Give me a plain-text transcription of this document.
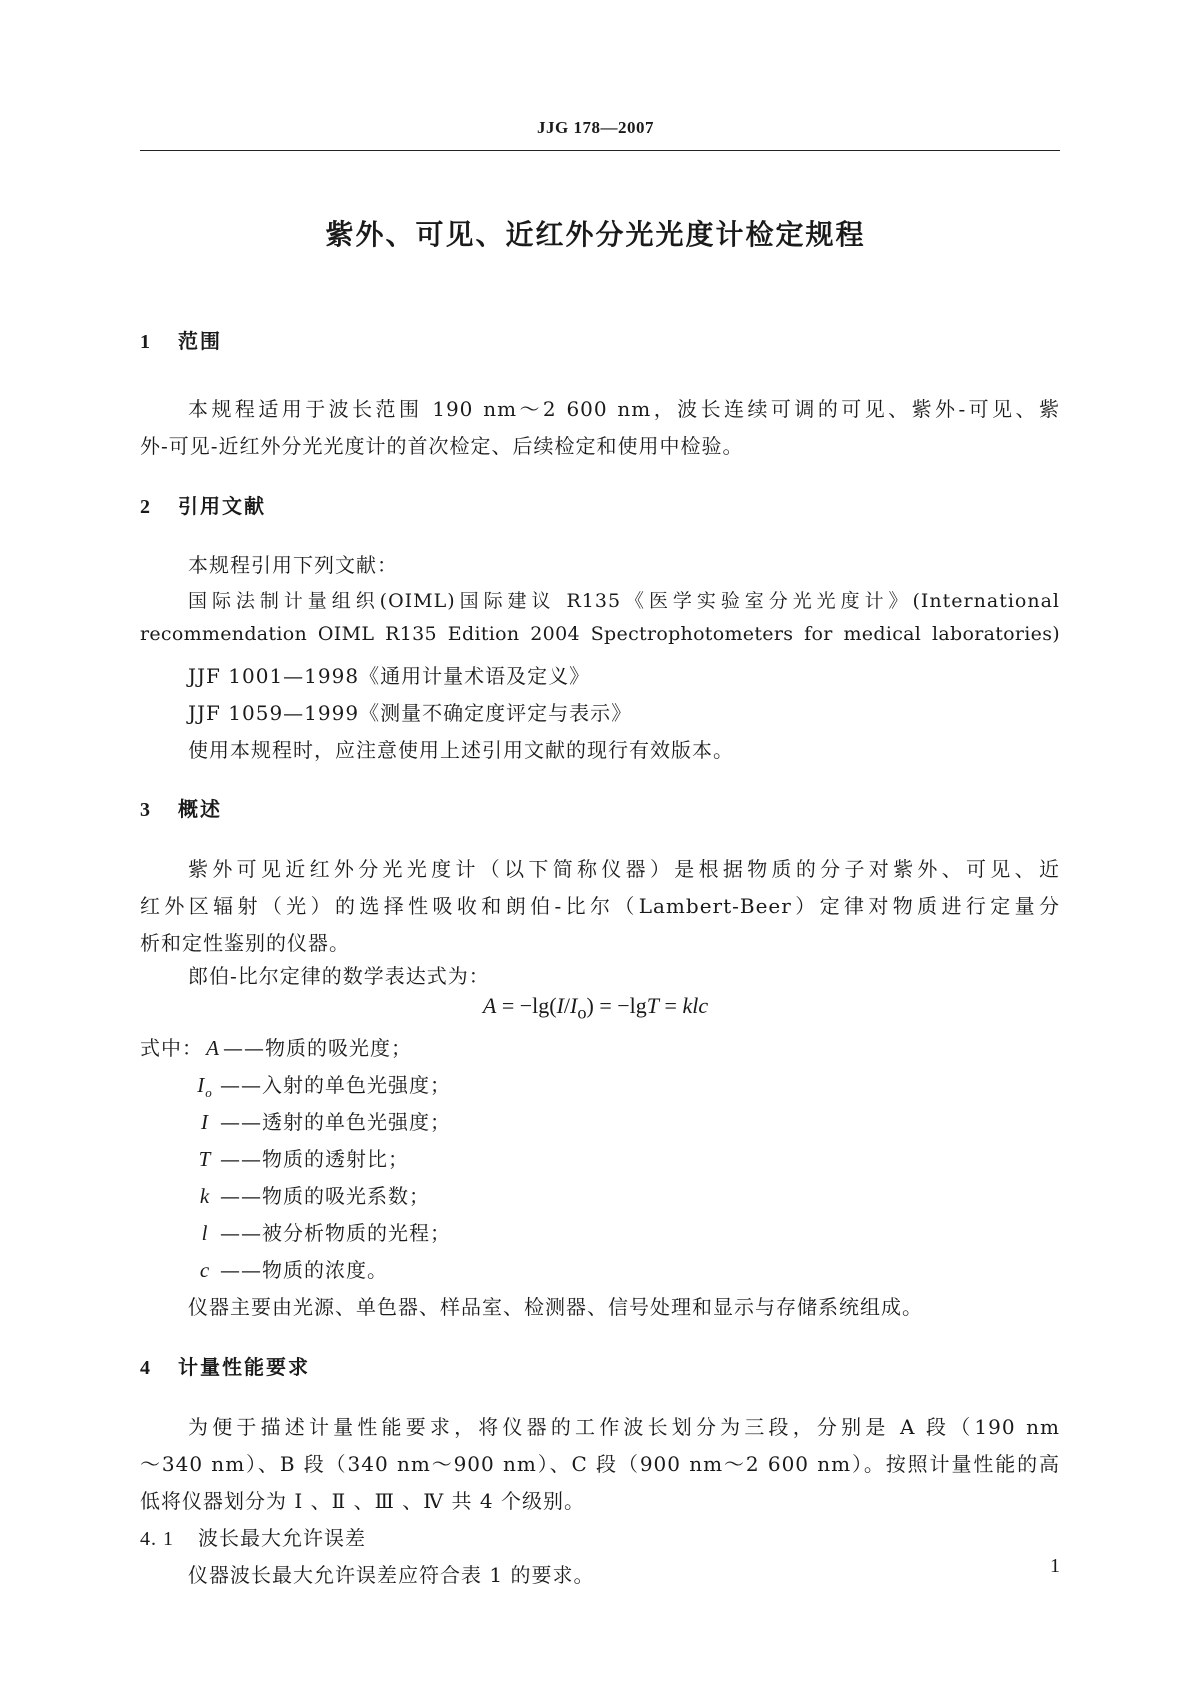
JJG 178—2007
紫外、可见、近红外分光光度计检定规程
1 范围
本规程适用于波长范围 190 nm～2 600 nm，波长连续可调的可见、紫外-可见、紫
外-可见-近红外分光光度计的首次检定、后续检定和使用中检验。
2 引用文献
本规程引用下列文献：
国际法制计量组织(OIML)国际建议 R135《医学实验室分光光度计》(International
recommendation OIML R135 Edition 2004 Spectrophotometers for medical laboratories)
JJF 1001—1998《通用计量术语及定义》
JJF 1059—1999《测量不确定度评定与表示》
使用本规程时，应注意使用上述引用文献的现行有效版本。
3 概述
紫外可见近红外分光光度计（以下简称仪器）是根据物质的分子对紫外、可见、近
红外区辐射（光）的选择性吸收和朗伯-比尔（Lambert-Beer）定律对物质进行定量分
析和定性鉴别的仪器。
郎伯-比尔定律的数学表达式为：
$A = -\lg(I/I_o) = -\lg T$ = klc
式中： A ——物质的吸光度；
$I_o$ ——入射的单色光强度；
I ——透射的单色光强度；
T ——物质的透射比；
k ——物质的吸光系数；
l ——被分析物质的光程；
c ——物质的浓度。
仪器主要由光源、单色器、样品室、检测器、信号处理和显示与存储系统组成。
4 计量性能要求
为便于描述计量性能要求，将仪器的工作波长划分为三段，分别是 A 段（190 nm
～340 nm）、B 段（340 nm～900 nm）、C 段（900 nm～2 600 nm）。按照计量性能的高
低将仪器划分为 Ⅰ 、Ⅱ 、Ⅲ 、Ⅳ 共 4 个级别。
4. 1 波长最大允许误差
仪器波长最大允许误差应符合表 1 的要求。	1
